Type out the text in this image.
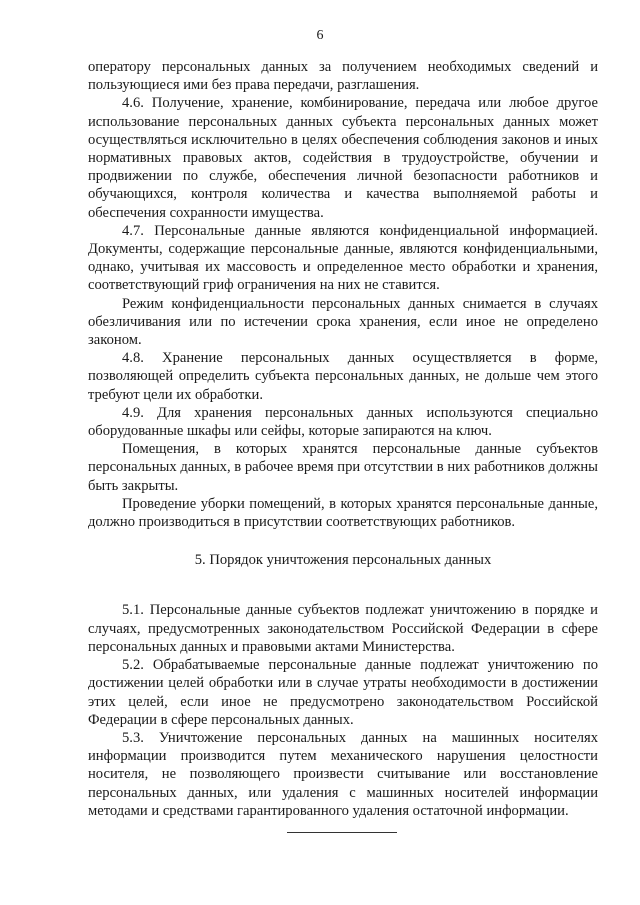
6

оператору персональных данных за получением необходимых сведений и пользующиеся ими без права передачи, разглашения.

4.6. Получение, хранение, комбинирование, передача или любое другое использование персональных данных субъекта персональных данных может осуществляться исключительно в целях обеспечения соблюдения законов и иных нормативных правовых актов, содействия в трудоустройстве, обучении и продвижении по службе, обеспечения личной безопасности работников и обучающихся, контроля количества и качества выполняемой работы и обеспечения сохранности имущества.

4.7. Персональные данные являются конфиденциальной информацией. Документы, содержащие персональные данные, являются конфиденциальными, однако, учитывая их массовость и определенное место обработки и хранения, соответствующий гриф ограничения на них не ставится.

Режим конфиденциальности персональных данных снимается в случаях обезличивания или по истечении срока хранения, если иное не определено законом.

4.8. Хранение персональных данных осуществляется в форме, позволяющей определить субъекта персональных данных, не дольше чем этого требуют цели их обработки.

4.9. Для хранения персональных данных используются специально оборудованные шкафы или сейфы, которые запираются на ключ.

Помещения, в которых хранятся персональные данные субъектов персональных данных, в рабочее время при отсутствии в них работников должны быть закрыты.

Проведение уборки помещений, в которых хранятся персональные данные, должно производиться в присутствии соответствующих работников.

5. Порядок уничтожения персональных данных

5.1. Персональные данные субъектов подлежат уничтожению в порядке и случаях, предусмотренных законодательством Российской Федерации в сфере персональных данных и правовыми актами Министерства.

5.2. Обрабатываемые персональные данные подлежат уничтожению по достижении целей обработки или в случае утраты необходимости в достижении этих целей, если иное не предусмотрено законодательством Российской Федерации в сфере персональных данных.

5.3. Уничтожение персональных данных на машинных носителях информации производится путем механического нарушения целостности носителя, не позволяющего произвести считывание или восстановление персональных данных, или удаления с машинных носителей информации методами и средствами гарантированного удаления остаточной информации.
